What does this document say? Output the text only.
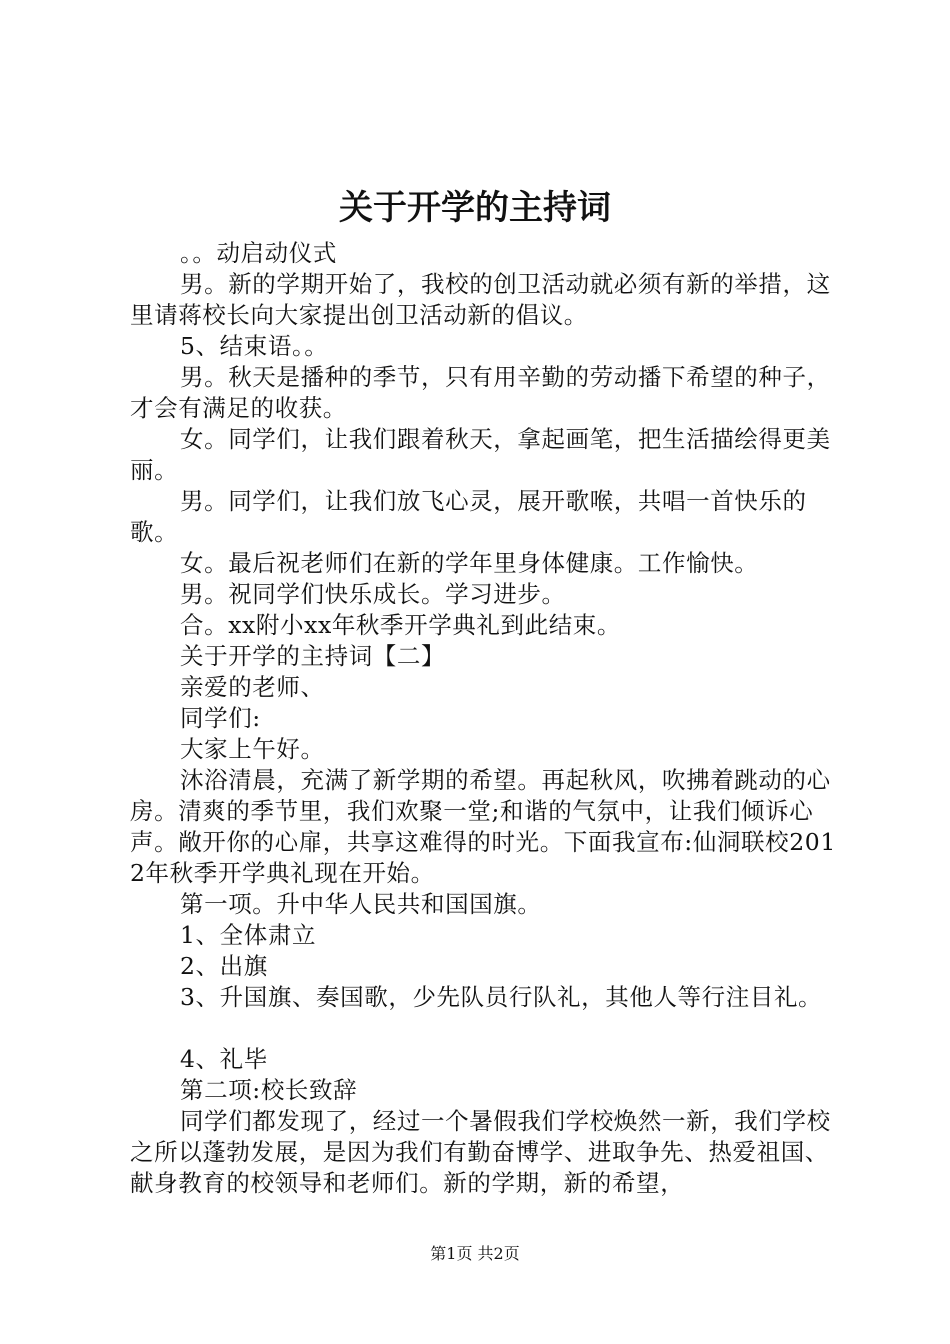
关于开学的主持词

。。动启动仪式

男。新的学期开始了，我校的创卫活动就必须有新的举措，这里请蒋校长向大家提出创卫活动新的倡议。

5、结束语。。

男。秋天是播种的季节，只有用辛勤的劳动播下希望的种子，才会有满足的收获。

女。同学们，让我们跟着秋天，拿起画笔，把生活描绘得更美丽。

男。同学们，让我们放飞心灵，展开歌喉，共唱一首快乐的歌。

女。最后祝老师们在新的学年里身体健康。工作愉快。

男。祝同学们快乐成长。学习进步。

合。xx附小xx年秋季开学典礼到此结束。

关于开学的主持词【二】

亲爱的老师、

同学们:

大家上午好。

沐浴清晨，充满了新学期的希望。再起秋风，吹拂着跳动的心房。清爽的季节里，我们欢聚一堂;和谐的气氛中，让我们倾诉心声。敞开你的心扉，共享这难得的时光。下面我宣布:仙洞联校2012年秋季开学典礼现在开始。

第一项。升中华人民共和国国旗。

1、全体肃立

2、出旗

3、升国旗、奏国歌，少先队员行队礼，其他人等行注目礼。

4、礼毕

第二项:校长致辞

同学们都发现了，经过一个暑假我们学校焕然一新，我们学校之所以蓬勃发展，是因为我们有勤奋博学、进取争先、热爱祖国、献身教育的校领导和老师们。新的学期，新的希望，

第1页 共2页
